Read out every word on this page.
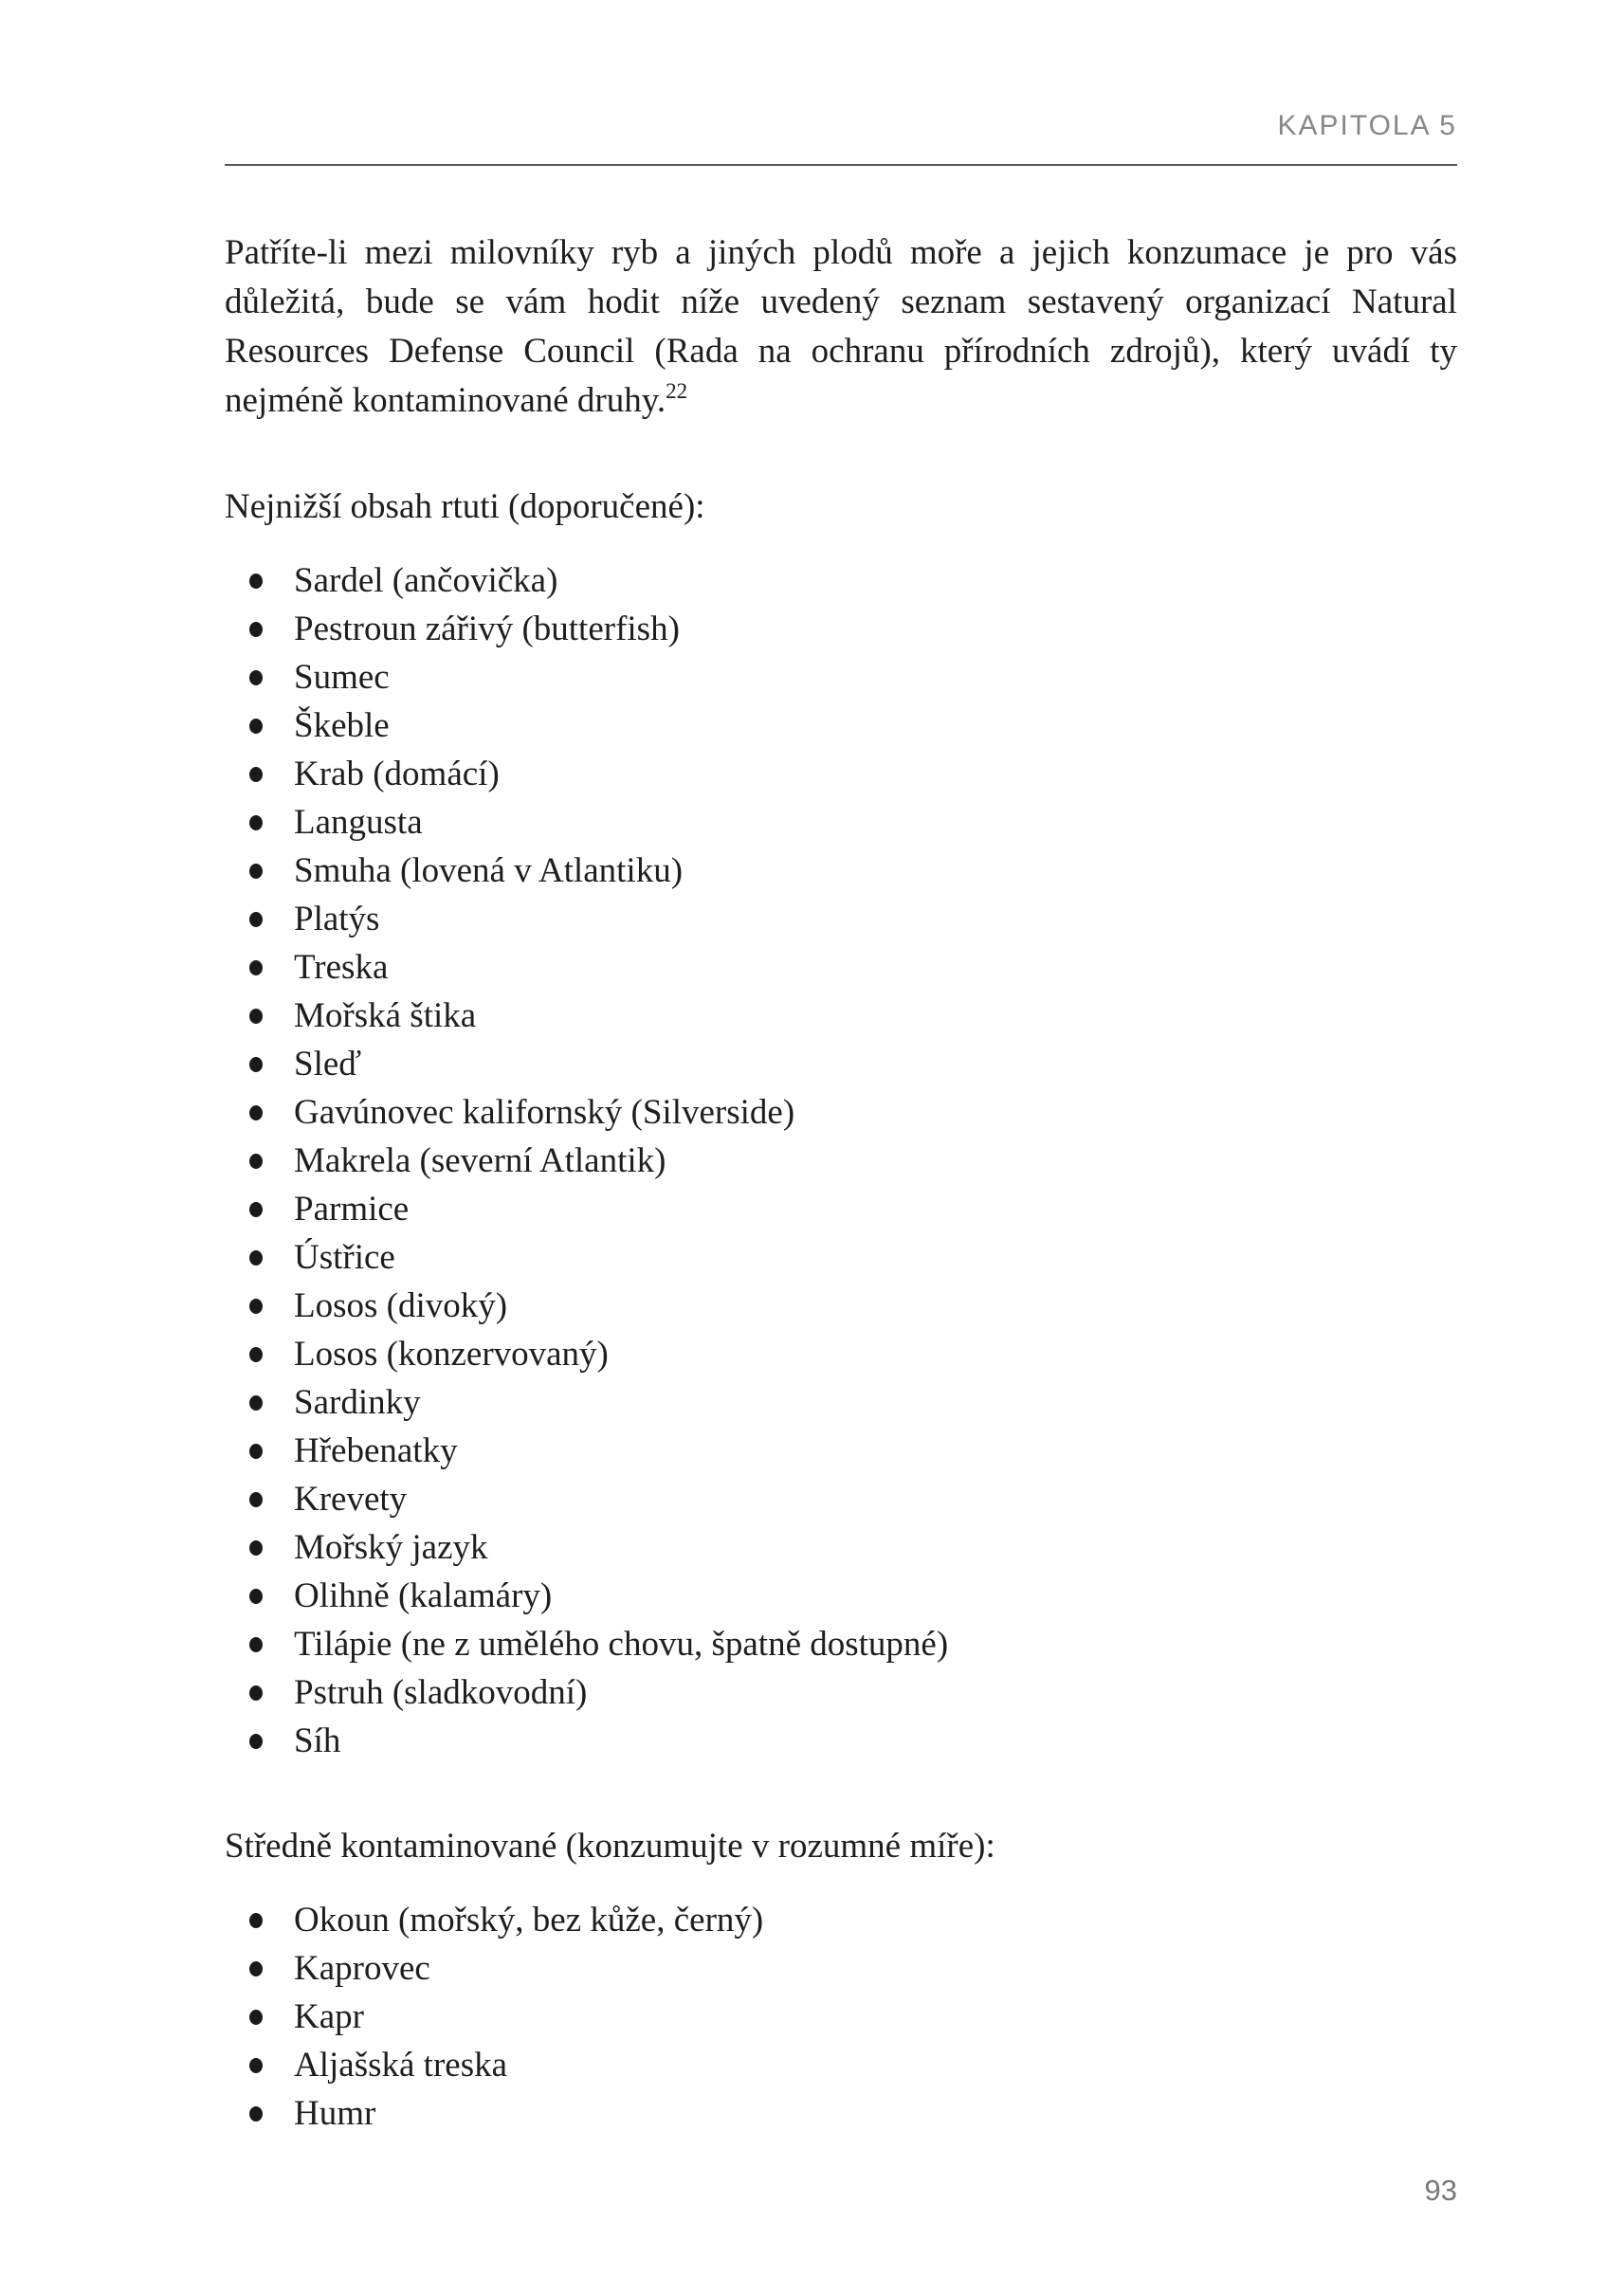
KAPITOLA 5

Patříte-li mezi milovníky ryb a jiných plodů moře a jejich konzumace je pro vás důležitá, bude se vám hodit níže uvedený seznam sestavený organizací Natural Resources Defense Council (Rada na ochranu přírodních zdrojů), který uvádí ty nejméně kontaminované druhy.$^{22}$

Nejnižší obsah rtuti (doporučené):

Sardel (ančovička)
Pestroun zářivý (butterfish)
Sumec
Škeble
Krab (domácí)
Langusta
Smuha (lovená v Atlantiku)
Platýs
Treska
Mořská štika
Sleď
Gavúnovec kalifornský (Silverside)
Makrela (severní Atlantik)
Parmice
Ústřice
Losos (divoký)
Losos (konzervovaný)
Sardinky
Hřebenatky
Krevety
Mořský jazyk
Olihně (kalamáry)
Tilápie (ne z umělého chovu, špatně dostupné)
Pstruh (sladkovodní)
Síh

Středně kontaminované (konzumujte v rozumné míře):

Okoun (mořský, bez kůže, černý)
Kaprovec
Kapr
Aljašská treska
Humr
93
